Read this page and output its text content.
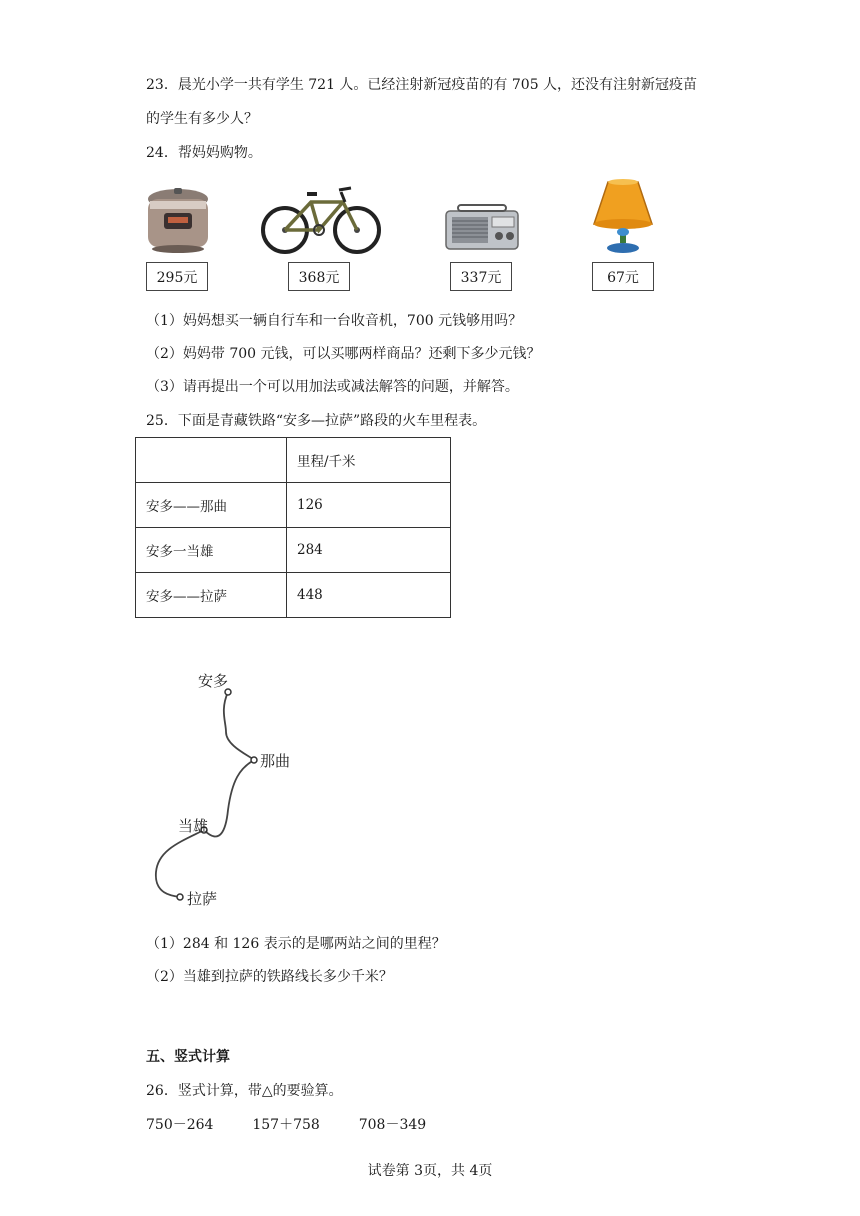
23．晨光小学一共有学生 721 人。已经注射新冠疫苗的有 705 人，还没有注射新冠疫苗
的学生有多少人？
24．帮妈妈购物。
295元	368元	337元	67元
（1）妈妈想买一辆自行车和一台收音机，700 元钱够用吗？
（2）妈妈带 700 元钱，可以买哪两样商品？还剩下多少元钱？
（3）请再提出一个可以用加法或减法解答的问题，并解答。
25．下面是青藏铁路“安多—拉萨”路段的火车里程表。
	里程/千米
安多——那曲	126
安多一当雄	284
安多——拉萨	448
安多
那曲
当雄
拉萨
（1）284 和 126 表示的是哪两站之间的里程？
（2）当雄到拉萨的铁路线长多少千米？
五、竖式计算
26．竖式计算，带△的要验算。
750－264	157＋758	708－349
试卷第 3页，共 4页
